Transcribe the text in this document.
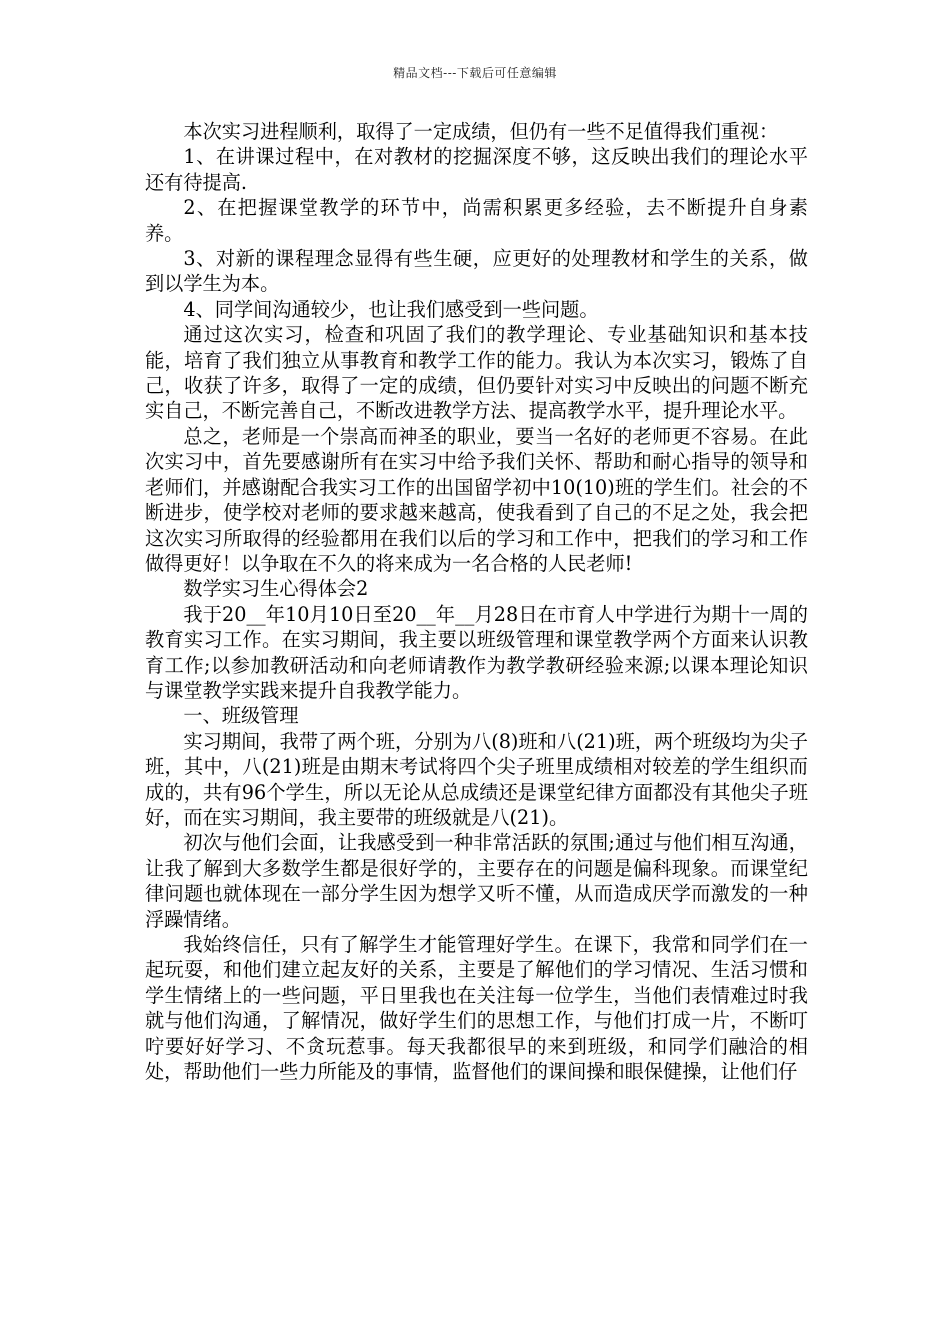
精品文档---下载后可任意编辑

本次实习进程顺利，取得了一定成绩，但仍有一些不足值得我们重视：

1、在讲课过程中，在对教材的挖掘深度不够，这反映出我们的理论水平还有待提高.

2、在把握课堂教学的环节中，尚需积累更多经验，去不断提升自身素养。

3、对新的课程理念显得有些生硬，应更好的处理教材和学生的关系，做到以学生为本。

4、同学间沟通较少，也让我们感受到一些问题。

通过这次实习，检查和巩固了我们的教学理论、专业基础知识和基本技能，培育了我们独立从事教育和教学工作的能力。我认为本次实习，锻炼了自己，收获了许多，取得了一定的成绩，但仍要针对实习中反映出的问题不断充实自己，不断完善自己，不断改进教学方法、提高教学水平，提升理论水平。

总之，老师是一个崇高而神圣的职业，要当一名好的老师更不容易。在此次实习中，首先要感谢所有在实习中给予我们关怀、帮助和耐心指导的领导和老师们，并感谢配合我实习工作的出国留学初中10(10)班的学生们。社会的不断进步，使学校对老师的要求越来越高，使我看到了自己的不足之处，我会把这次实习所取得的经验都用在我们以后的学习和工作中，把我们的学习和工作做得更好！以争取在不久的将来成为一名合格的人民老师!

数学实习生心得体会2

我于20__年10月10日至20__年__月28日在市育人中学进行为期十一周的教育实习工作。在实习期间，我主要以班级管理和课堂教学两个方面来认识教育工作;以参加教研活动和向老师请教作为教学教研经验来源;以课本理论知识与课堂教学实践来提升自我教学能力。

一、班级管理

实习期间，我带了两个班，分别为八(8)班和八(21)班，两个班级均为尖子班，其中，八(21)班是由期末考试将四个尖子班里成绩相对较差的学生组织而成的，共有96个学生，所以无论从总成绩还是课堂纪律方面都没有其他尖子班好，而在实习期间，我主要带的班级就是八(21)。

初次与他们会面，让我感受到一种非常活跃的氛围;通过与他们相互沟通，让我了解到大多数学生都是很好学的，主要存在的问题是偏科现象。而课堂纪律问题也就体现在一部分学生因为想学又听不懂，从而造成厌学而激发的一种浮躁情绪。

我始终信任，只有了解学生才能管理好学生。在课下，我常和同学们在一起玩耍，和他们建立起友好的关系，主要是了解他们的学习情况、生活习惯和学生情绪上的一些问题，平日里我也在关注每一位学生，当他们表情难过时我就与他们沟通，了解情况，做好学生们的思想工作，与他们打成一片，不断叮咛要好好学习、不贪玩惹事。每天我都很早的来到班级，和同学们融洽的相处，帮助他们一些力所能及的事情，监督他们的课间操和眼保健操，让他们仔
